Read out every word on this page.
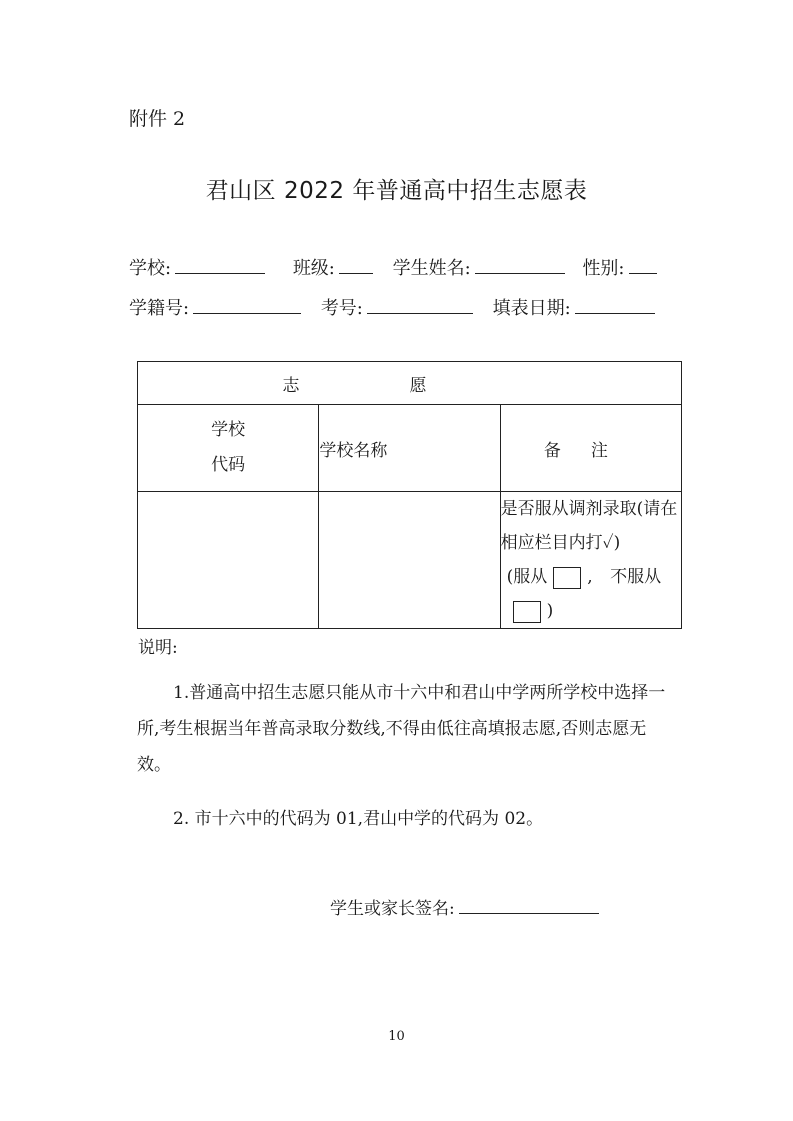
附件 2
君山区 2022 年普通高中招生志愿表
学校:	班级:	学生姓名:	性别:
学籍号:	考号:	填表日期:
志愿		

学校
代码	学校名称	备注

		是否服从调剂录取(请在相应栏目内打✓)
(服从 , 不服从)
说明:
1.普通高中招生志愿只能从市十六中和君山中学两所学校中选择一所,考生根据当年普高录取分数线,不得由低往高填报志愿,否则志愿无效。
2. 市十六中的代码为 01,君山中学的代码为 02。
学生或家长签名:
10
